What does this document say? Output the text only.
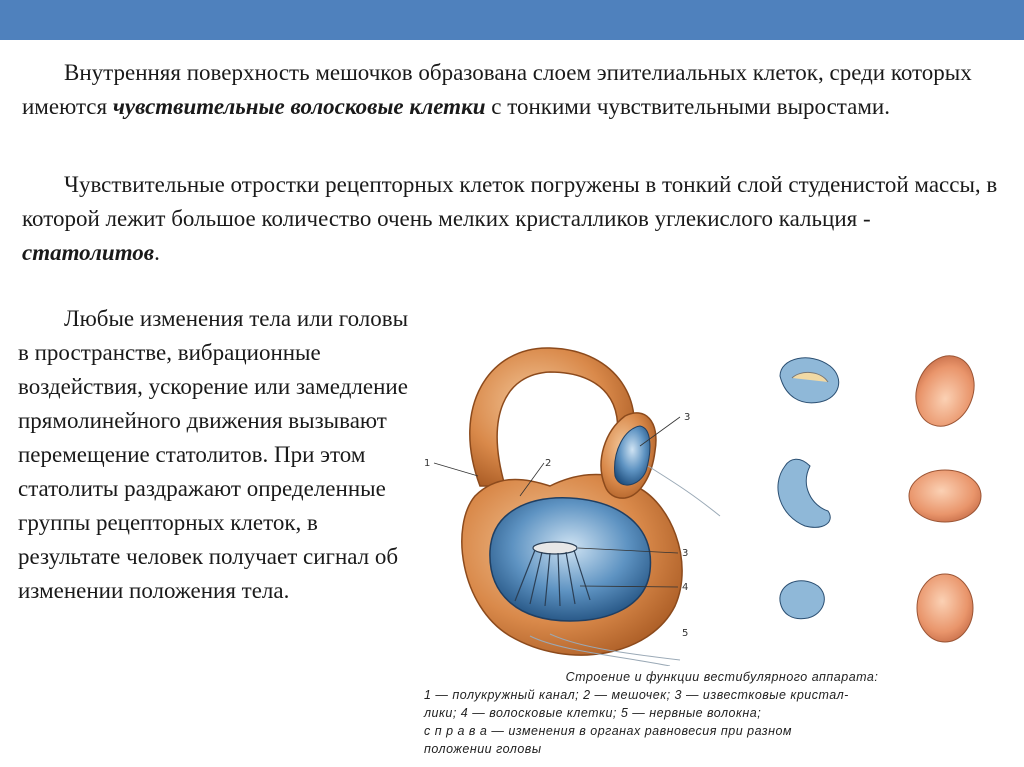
Внутренняя поверхность мешочков образована слоем эпителиальных клеток, среди которых имеются чувствительные волосковые клетки с тонкими чувствительными выростами.

Чувствительные отростки рецепторных клеток погружены в тонкий слой студенистой массы, в которой лежит большое количество очень мелких кристалликов углекислого кальция - статолитов.

Любые изменения тела или головы в пространстве, вибрационные воздействия, ускорение или замедление прямолинейного движения вызывают перемещение статолитов. При этом статолиты раздражают определенные группы рецепторных клеток, в результате человек получает сигнал об изменении положения тела.

1	2
3
3
4
5
Строение и функции вестибулярного аппарата:
1 — полукружный канал; 2 — мешочек; 3 — известковые кристал-
лики; 4 — волосковые клетки; 5 — нервные волокна;
с п р а в а — изменения в органах равновесия при разном
положении головы
